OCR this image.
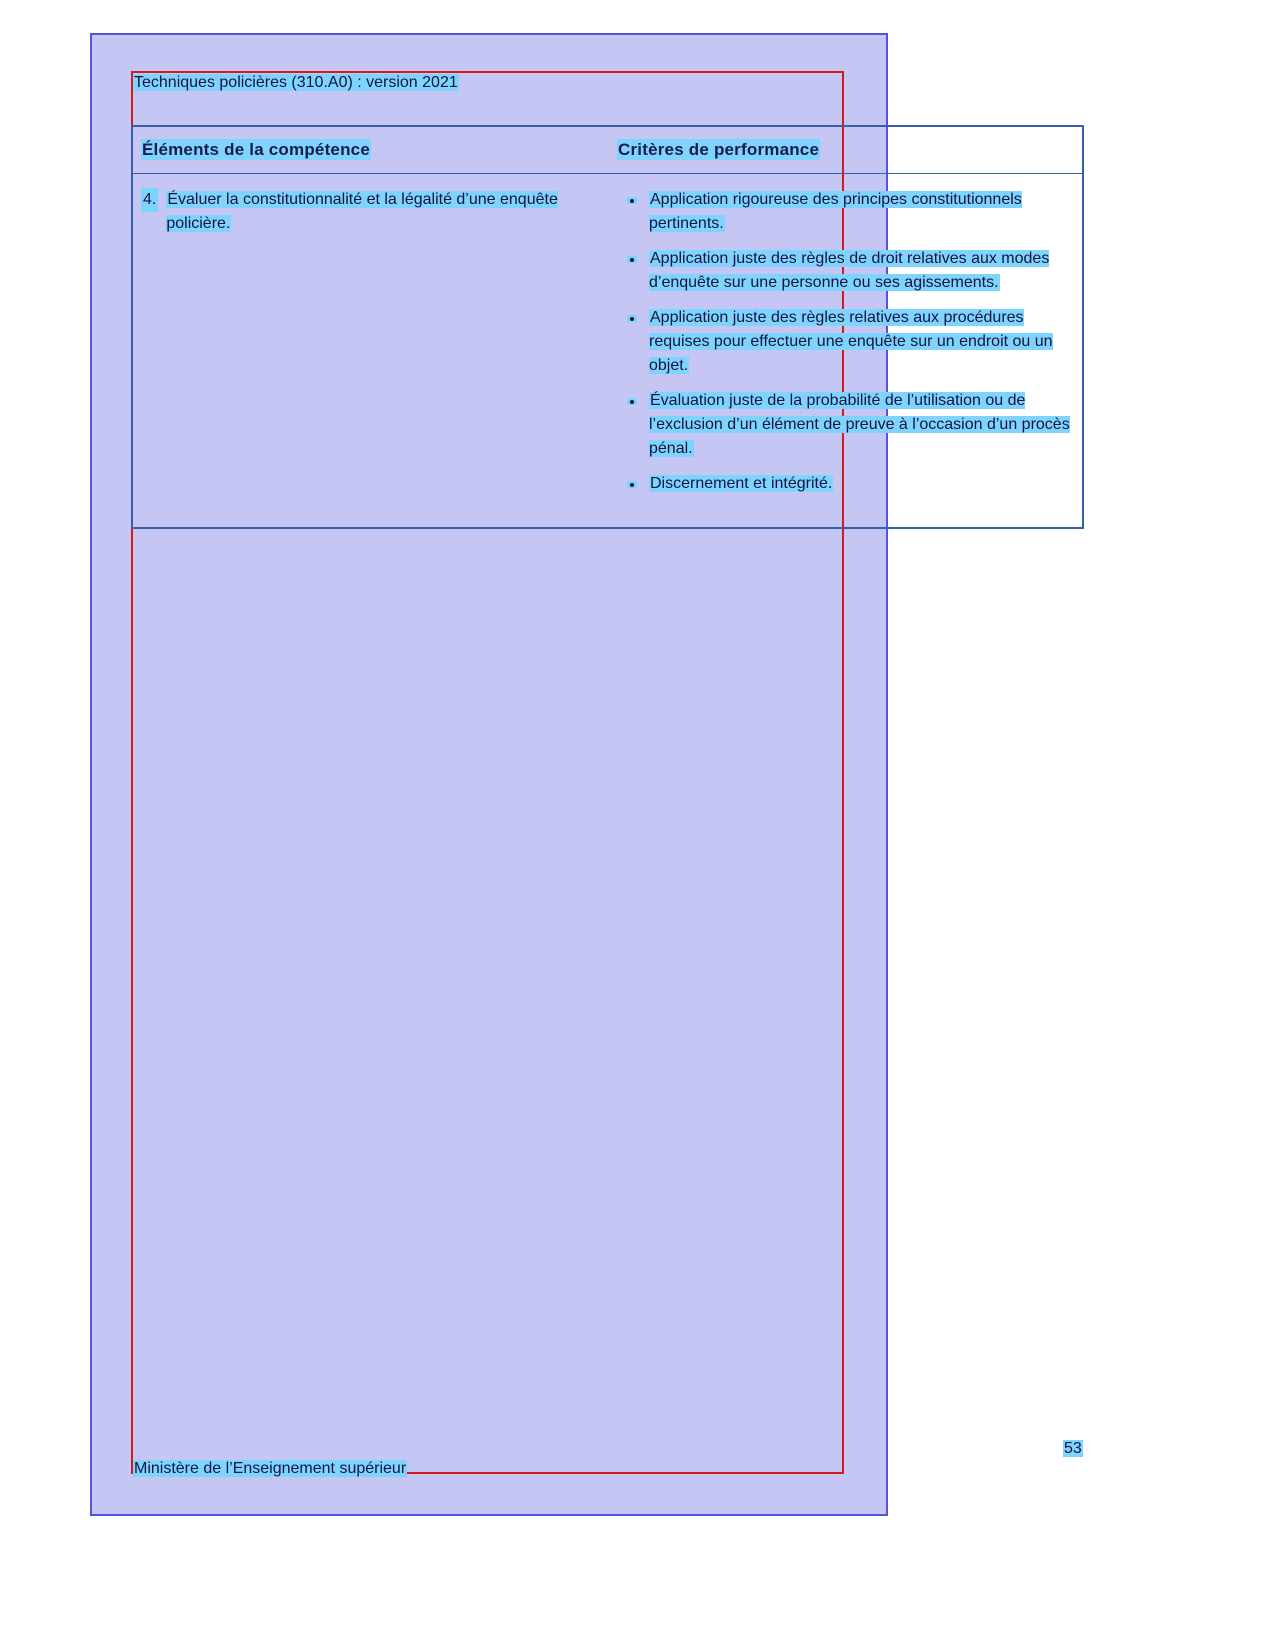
Techniques policières (310.A0) : version 2021
Éléments de la compétence	Critères de performance
4. Évaluer la constitutionnalité et la légalité d’une enquête policière.
Application rigoureuse des principes constitutionnels pertinents.
Application juste des règles de droit relatives aux modes d’enquête sur une personne ou ses agissements.
Application juste des règles relatives aux procédures requises pour effectuer une enquête sur un endroit ou un objet.
Évaluation juste de la probabilité de l’utilisation ou de l’exclusion d’un élément de preuve à l’occasion d’un procès pénal.
Discernement et intégrité.
Ministère de l’Enseignement supérieur
53
